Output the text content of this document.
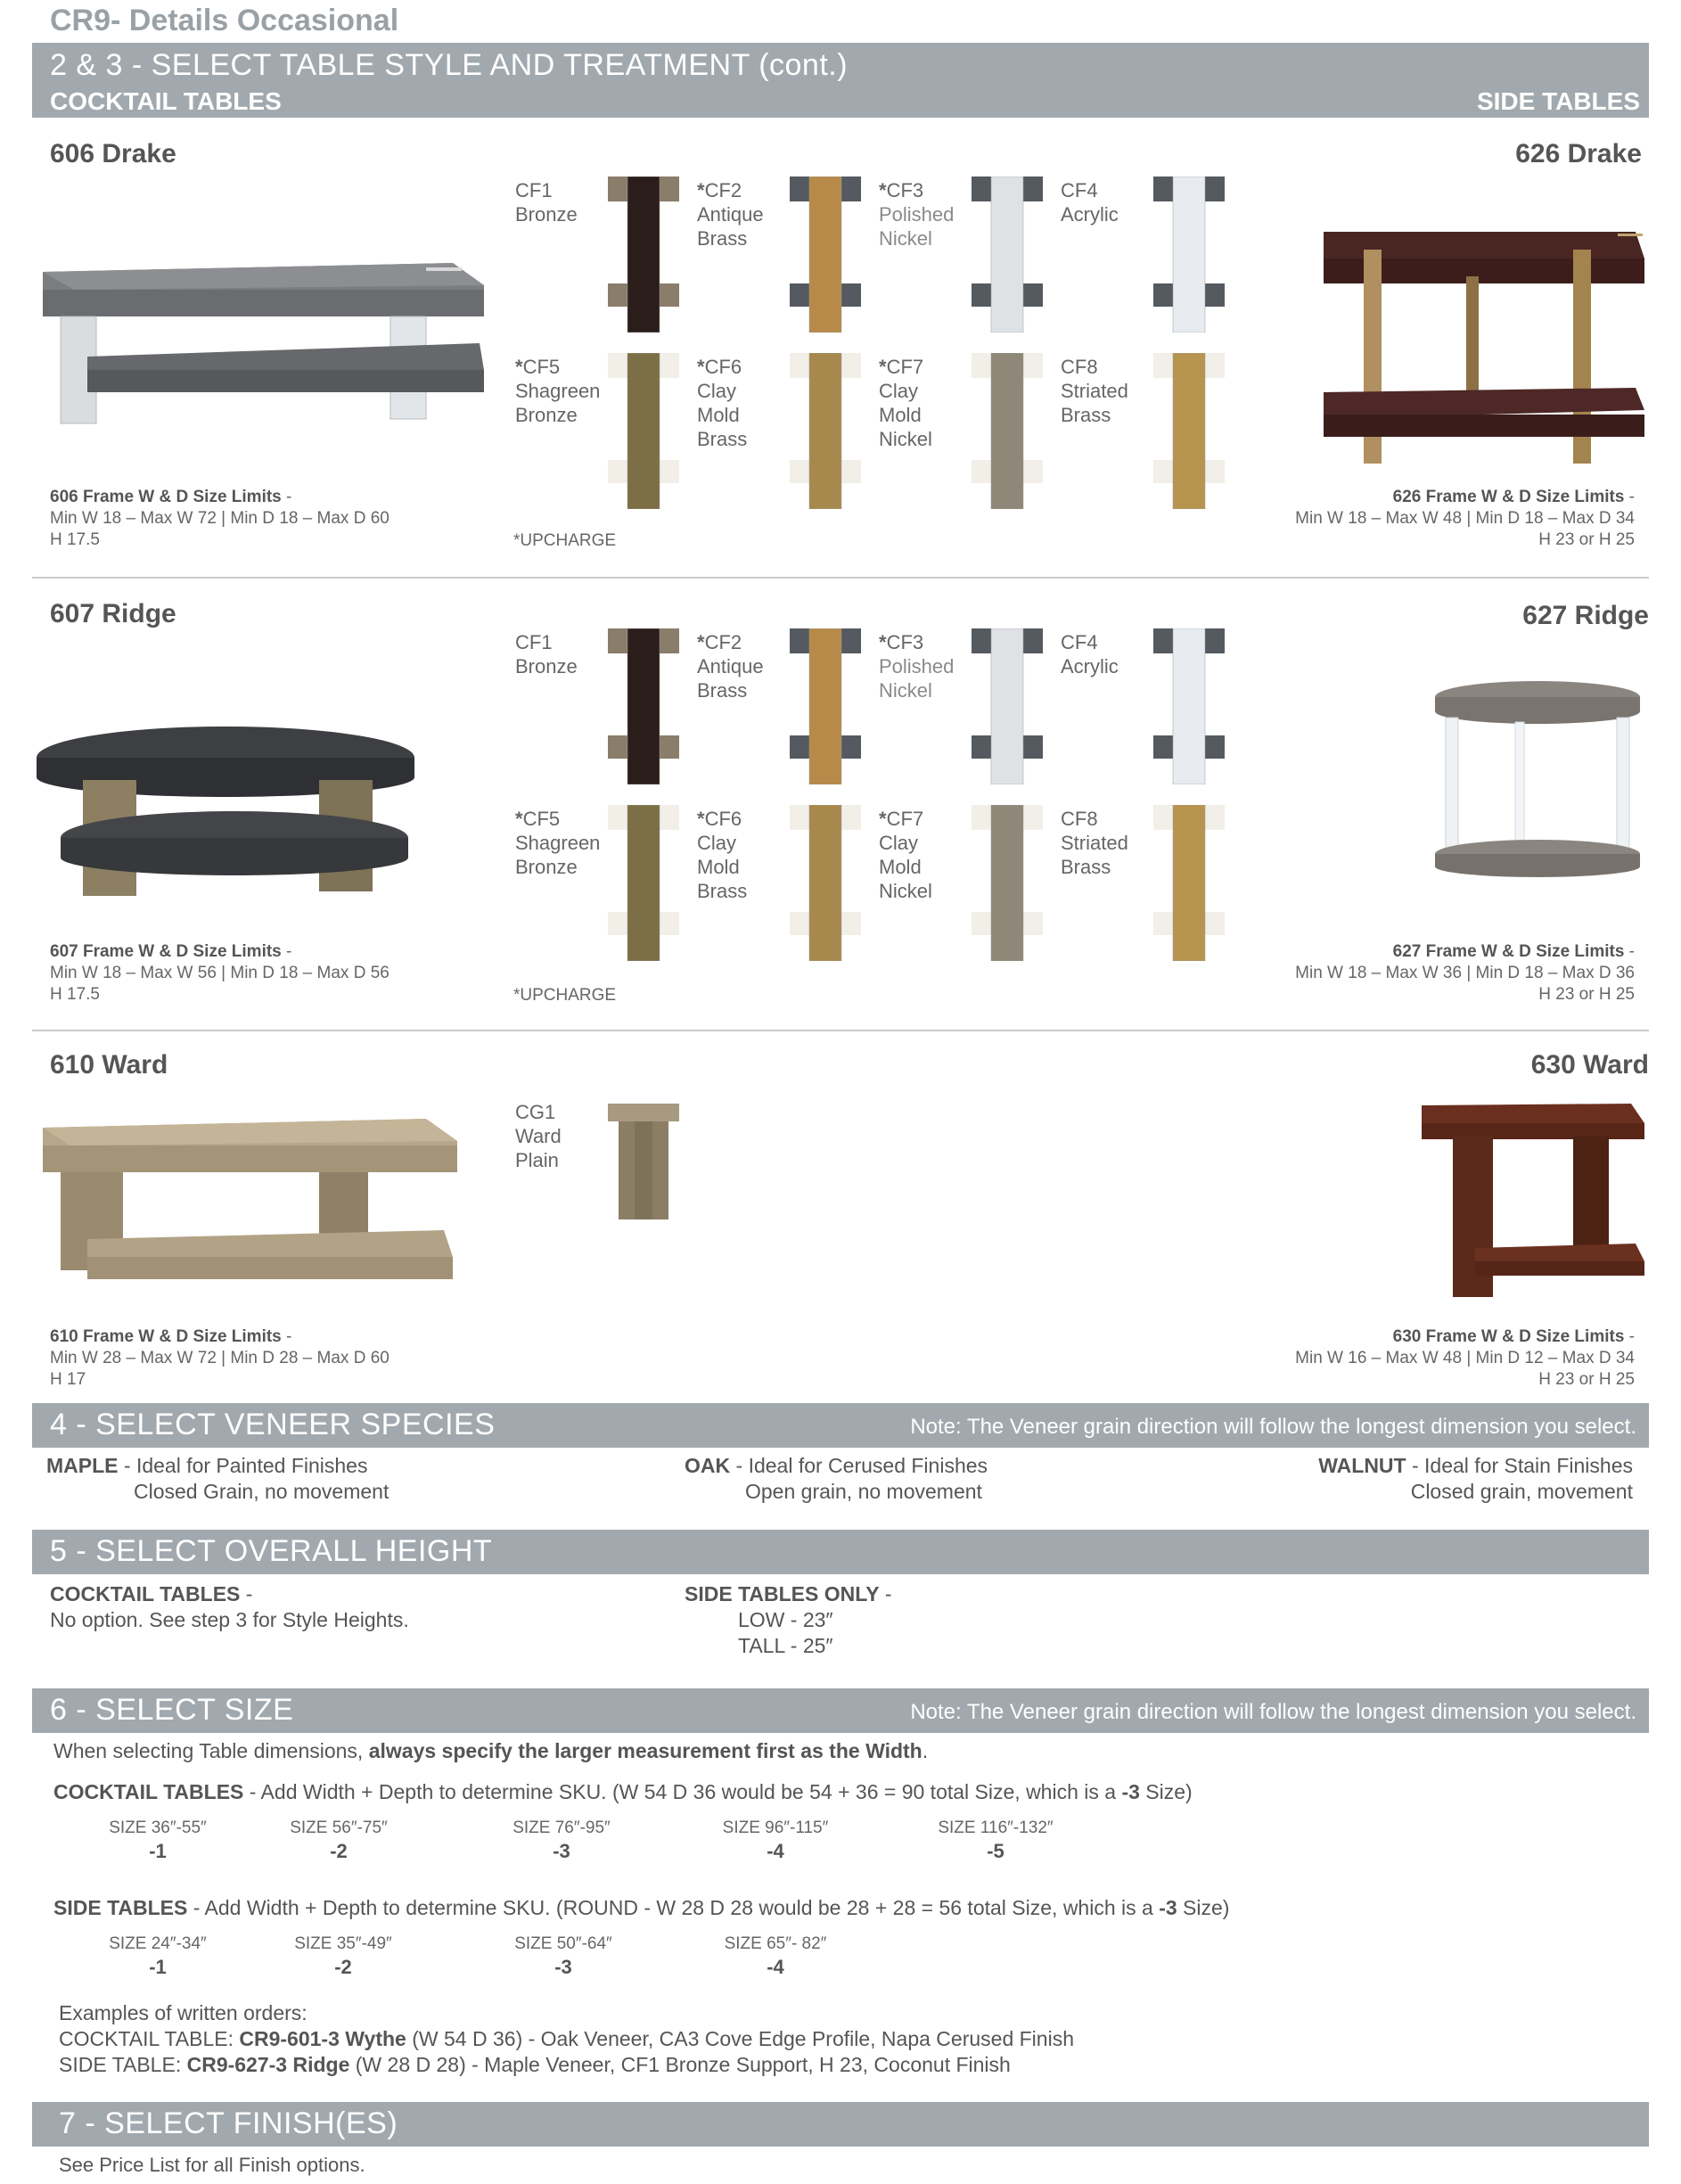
CR9- Details Occasional
2 & 3 - SELECT TABLE STYLE AND TREATMENT (cont.)
COCKTAIL TABLES	SIDE TABLES
606 Drake	626 Drake
606 Frame W & D Size Limits -
Min W 18 – Max W 72 | Min D 18 – Max D 60
H 17.5
626 Frame W & D Size Limits -
Min W 18 – Max W 48 | Min D 18 – Max D 34
H 23 or H 25
*UPCHARGE
607 Ridge	627 Ridge
607 Frame W & D Size Limits -
Min W 18 – Max W 56 | Min D 18 – Max D 56
H 17.5
627 Frame W & D Size Limits -
Min W 18 – Max W 36 | Min D 18 – Max D 36
H 23 or H 25
*UPCHARGE
CF1
Bronze
*CF2
Antique
Brass
*CF3
Polished
Nickel
CF4
Acrylic
*CF5
Shagreen
Bronze
*CF6
Clay
Mold
Brass
*CF7
Clay
Mold
Nickel
CF8
Striated
Brass
CF1
Bronze
*CF2
Antique
Brass
*CF3
Polished
Nickel
CF4
Acrylic
*CF5
Shagreen
Bronze
*CF6
Clay
Mold
Brass
*CF7
Clay
Mold
Nickel
CF8
Striated
Brass
610 Ward	630 Ward
CG1
Ward
Plain
610 Frame W & D Size Limits -
Min W 28 – Max W 72 | Min D 28 – Max D 60
H 17
630 Frame W & D Size Limits -
Min W 16 – Max W 48 | Min D 12 – Max D 34
H 23 or H 25
4 - SELECT VENEER SPECIES	Note: The Veneer grain direction will follow the longest dimension you select.
MAPLE - Ideal for Painted Finishes
Closed Grain, no movement
OAK - Ideal for Cerused Finishes
Open grain, no movement
WALNUT - Ideal for Stain Finishes
Closed grain, movement
5 - SELECT OVERALL HEIGHT
COCKTAIL TABLES -
No option. See step 3 for Style Heights.
SIDE TABLES ONLY -
LOW - 23″
TALL - 25″
6 - SELECT SIZE	Note: The Veneer grain direction will follow the longest dimension you select.
When selecting Table dimensions, always specify the larger measurement first as the Width.
COCKTAIL TABLES - Add Width + Depth to determine SKU. (W 54 D 36 would be 54 + 36 = 90 total Size, which is a -3 Size)
SIZE 36″-55″
-1
SIZE 56″-75″
-2
SIZE 76″-95″
-3
SIZE 96″-115″
-4
SIZE 116″-132″
-5
SIDE TABLES - Add Width + Depth to determine SKU. (ROUND - W 28 D 28 would be 28 + 28 = 56 total Size, which is a -3 Size)
SIZE 24″-34″
-1
SIZE 35″-49″
-2
SIZE 50″-64″
-3
SIZE 65″- 82″
-4
Examples of written orders:
COCKTAIL TABLE: CR9-601-3 Wythe (W 54 D 36) - Oak Veneer, CA3 Cove Edge Profile, Napa Cerused Finish
SIDE TABLE: CR9-627-3 Ridge (W 28 D 28) - Maple Veneer, CF1 Bronze Support, H 23, Coconut Finish
7 - SELECT FINISH(ES)
See Price List for all Finish options.
